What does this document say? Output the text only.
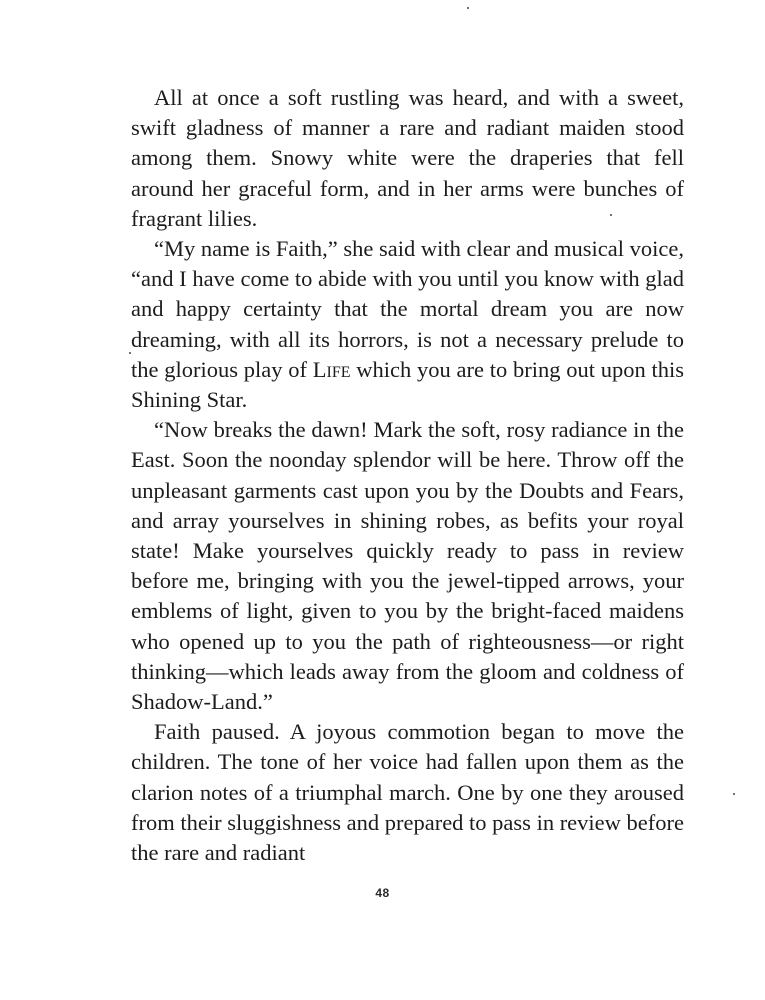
All at once a soft rustling was heard, and with a sweet, swift gladness of manner a rare and radiant maiden stood among them. Snowy white were the draperies that fell around her graceful form, and in her arms were bunches of fragrant lilies.

“My name is Faith,” she said with clear and musical voice, “and I have come to abide with you until you know with glad and happy certainty that the mortal dream you are now dreaming, with all its horrors, is not a necessary prelude to the glorious play of Life which you are to bring out upon this Shining Star.

“Now breaks the dawn! Mark the soft, rosy radiance in the East. Soon the noonday splendor will be here. Throw off the unpleasant garments cast upon you by the Doubts and Fears, and array yourselves in shining robes, as befits your royal state! Make yourselves quickly ready to pass in review before me, bringing with you the jewel-tipped arrows, your emblems of light, given to you by the bright-faced maidens who opened up to you the path of righteousness—or right thinking—which leads away from the gloom and coldness of Shadow-Land.”

Faith paused. A joyous commotion began to move the children. The tone of her voice had fallen upon them as the clarion notes of a triumphal march. One by one they aroused from their sluggishness and prepared to pass in review before the rare and radiant

48
